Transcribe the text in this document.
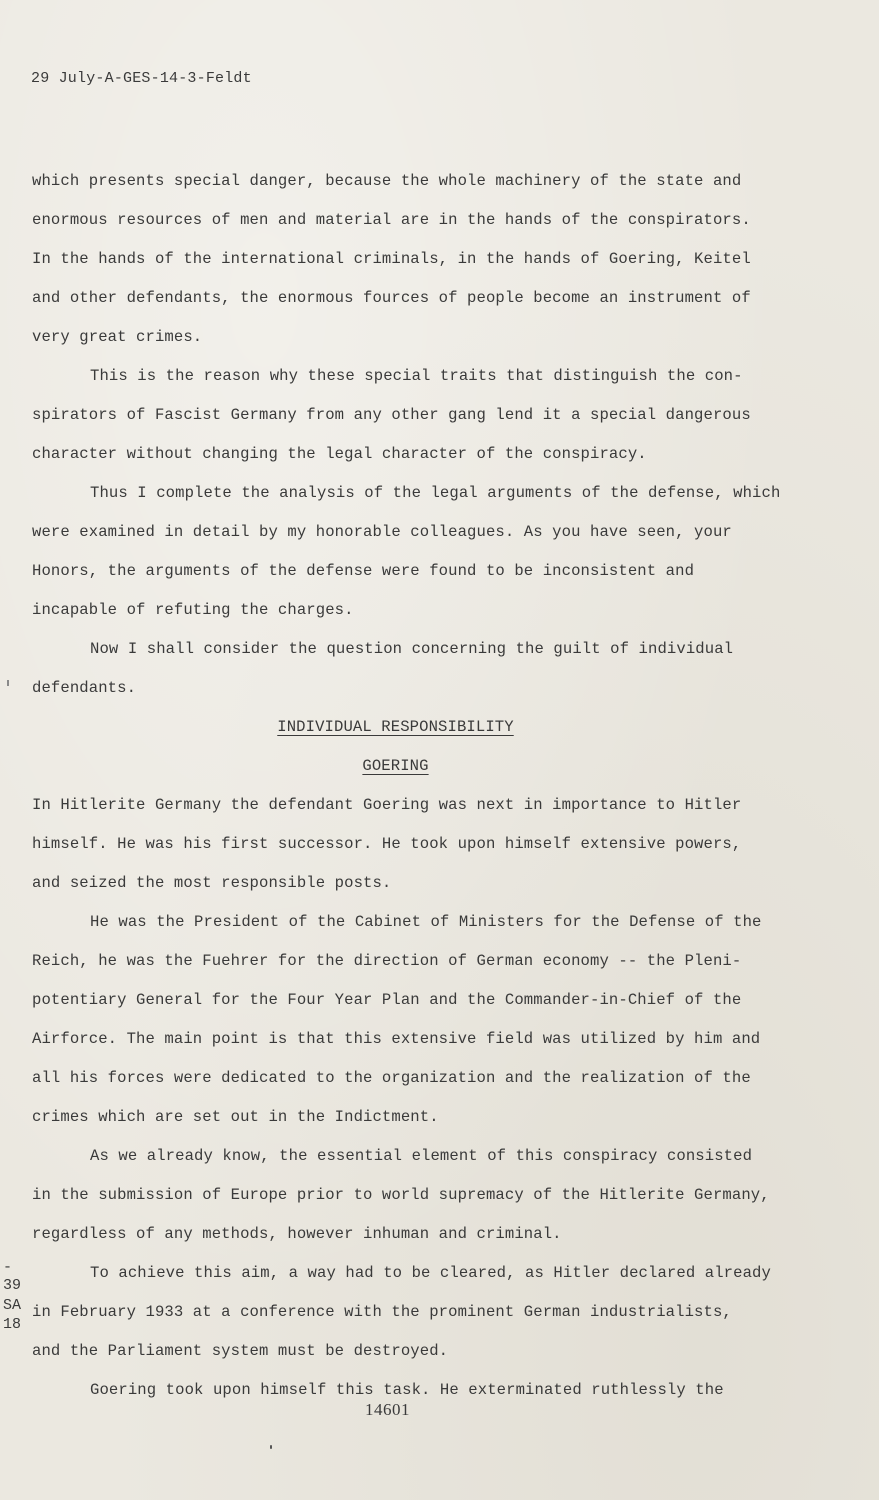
29 July-A-GES-14-3-Feldt
which presents special danger, because the whole machinery of the state and
enormous resources of men and material are in the hands of the conspirators.
In the hands of the international criminals, in the hands of Goering, Keitel
and other defendants, the enormous fources of people become an instrument of
very great crimes.
This is the reason why these special traits that distinguish the con-
spirators of Fascist Germany from any other gang lend it a special dangerous
character without changing the legal character of the conspiracy.
Thus I complete the analysis of the legal arguments of the defense, which
were examined in detail by my honorable colleagues. As you have seen, your
Honors, the arguments of the defense were found to be inconsistent and
incapable of refuting the charges.
Now I shall consider the question concerning the guilt of individual
defendants.
INDIVIDUAL RESPONSIBILITY
GOERING
In Hitlerite Germany the defendant Goering was next in importance to Hitler
himself. He was his first successor. He took upon himself extensive powers,
and seized the most responsible posts.
He was the President of the Cabinet of Ministers for the Defense of the
Reich, he was the Fuehrer for the direction of German economy -- the Pleni-
potentiary General for the Four Year Plan and the Commander-in-Chief of the
Airforce. The main point is that this extensive field was utilized by him and
all his forces were dedicated to the organization and the realization of the
crimes which are set out in the Indictment.
As we already know, the essential element of this conspiracy consisted
in the submission of Europe prior to world supremacy of the Hitlerite Germany,
regardless of any methods, however inhuman and criminal.
To achieve this aim, a way had to be cleared, as Hitler declared already
in February 1933 at a conference with the prominent German industrialists,
and the Parliament system must be destroyed.
Goering took upon himself this task. He exterminated ruthlessly the
-
39
SA
18
14601
